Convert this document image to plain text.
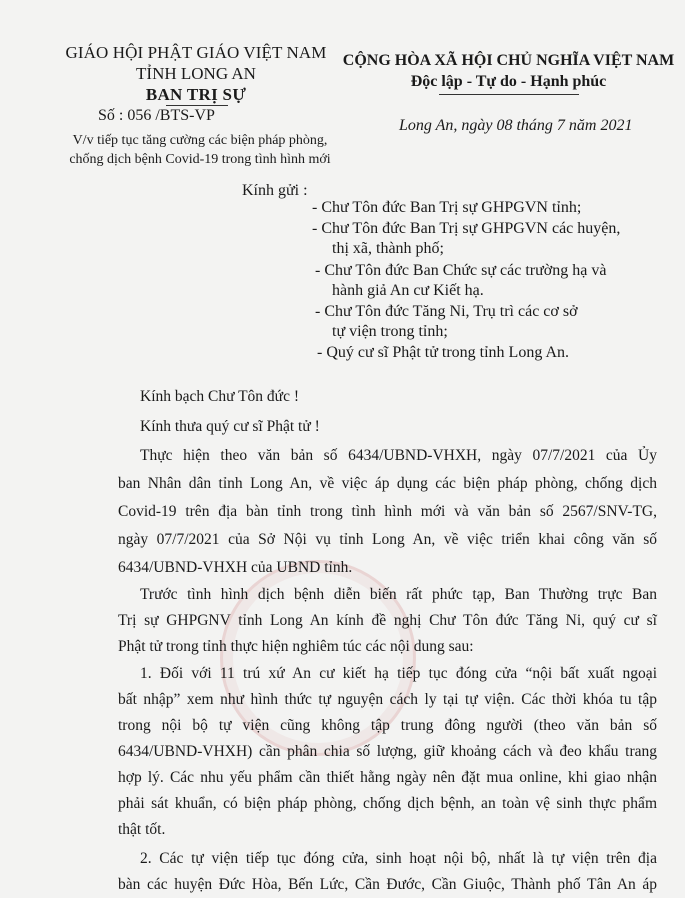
GIÁO HỘI PHẬT GIÁO VIỆT NAM
TỈNH LONG AN
BAN TRỊ SỰ
CỘNG HÒA XÃ HỘI CHỦ NGHĨA VIỆT NAM
Độc lập - Tự do - Hạnh phúc
Số : 056 /BTS-VP
V/v tiếp tục tăng cường các biện pháp phòng,
chống dịch bệnh Covid-19 trong tình hình mới
Long An, ngày 08 tháng 7 năm 2021
Kính gửi :
- Chư Tôn đức Ban Trị sự GHPGVN tỉnh;
- Chư Tôn đức Ban Trị sự GHPGVN các huyện,
thị xã, thành phố;
- Chư Tôn đức Ban Chức sự các trường hạ và
hành giả An cư Kiết hạ.
- Chư Tôn đức Tăng Ni, Trụ trì các cơ sở
tự viện trong tỉnh;
- Quý cư sĩ Phật tử trong tỉnh Long An.
Kính bạch Chư Tôn đức !
Kính thưa quý cư sĩ Phật tử !
Thực hiện theo văn bản số 6434/UBND-VHXH, ngày 07/7/2021 của Ủy
ban Nhân dân tỉnh Long An, về việc áp dụng các biện pháp phòng, chống dịch
Covid-19 trên địa bàn tỉnh trong tình hình mới và văn bản số 2567/SNV-TG,
ngày 07/7/2021 của Sở Nội vụ tỉnh Long An, về việc triển khai công văn số
6434/UBND-VHXH của UBND tỉnh.
Trước tình hình dịch bệnh diễn biến rất phức tạp, Ban Thường trực Ban
Trị sự GHPGNV tỉnh Long An kính đề nghị Chư Tôn đức Tăng Ni, quý cư sĩ
Phật tử trong tỉnh thực hiện nghiêm túc các nội dung sau:
1. Đối với 11 trú xứ An cư kiết hạ tiếp tục đóng cửa “nội bất xuất ngoại
bất nhập” xem như hình thức tự nguyện cách ly tại tự viện. Các thời khóa tu tập
trong nội bộ tự viện cũng không tập trung đông người (theo văn bản số
6434/UBND-VHXH) cần phân chia số lượng, giữ khoảng cách và đeo khẩu trang
hợp lý. Các nhu yếu phẩm cần thiết hằng ngày nên đặt mua online, khi giao nhận
phải sát khuẩn, có biện pháp phòng, chống dịch bệnh, an toàn vệ sinh thực phẩm
thật tốt.
2. Các tự viện tiếp tục đóng cửa, sinh hoạt nội bộ, nhất là tự viện trên địa
bàn các huyện Đức Hòa, Bến Lức, Cần Đước, Cần Giuộc, Thành phố Tân An áp
